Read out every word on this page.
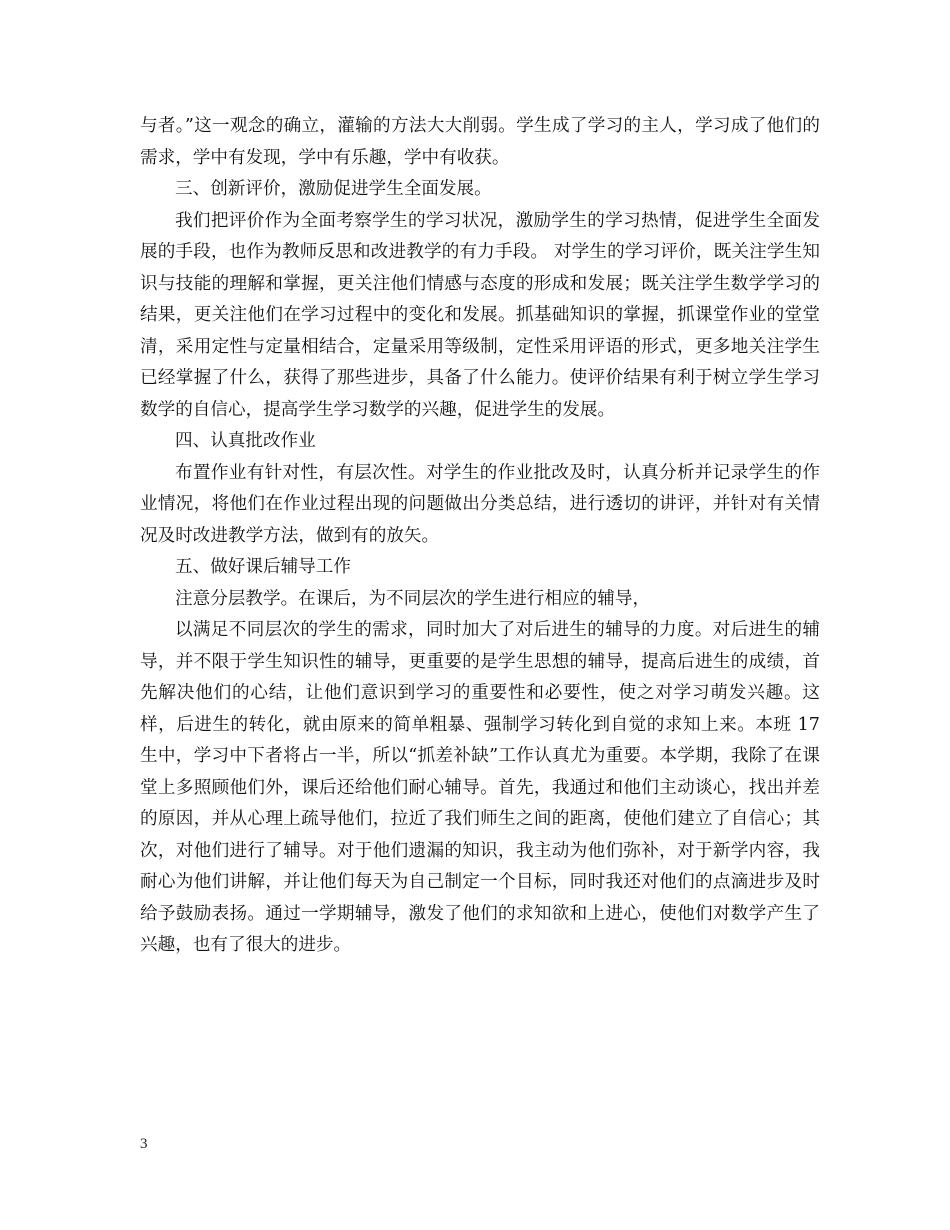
与者。”这一观念的确立，灌输的方法大大削弱。学生成了学习的主人，学习成了他们的需求，学中有发现，学中有乐趣，学中有收获。

三、创新评价，激励促进学生全面发展。

我们把评价作为全面考察学生的学习状况，激励学生的学习热情，促进学生全面发展的手段，也作为教师反思和改进教学的有力手段。 对学生的学习评价，既关注学生知识与技能的理解和掌握，更关注他们情感与态度的形成和发展；既关注学生数学学习的结果，更关注他们在学习过程中的变化和发展。抓基础知识的掌握，抓课堂作业的堂堂清，采用定性与定量相结合，定量采用等级制，定性采用评语的形式，更多地关注学生已经掌握了什么，获得了那些进步，具备了什么能力。使评价结果有利于树立学生学习数学的自信心，提高学生学习数学的兴趣，促进学生的发展。

四、认真批改作业

布置作业有针对性，有层次性。对学生的作业批改及时，认真分析并记录学生的作业情况，将他们在作业过程出现的问题做出分类总结，进行透切的讲评，并针对有关情况及时改进教学方法，做到有的放矢。

五、做好课后辅导工作

注意分层教学。在课后，为不同层次的学生进行相应的辅导，

以满足不同层次的学生的需求，同时加大了对后进生的辅导的力度。对后进生的辅导，并不限于学生知识性的辅导，更重要的是学生思想的辅导，提高后进生的成绩，首先解决他们的心结，让他们意识到学习的重要性和必要性，使之对学习萌发兴趣。这样，后进生的转化，就由原来的简单粗暴、强制学习转化到自觉的求知上来。本班 17 生中，学习中下者将占一半，所以“抓差补缺”工作认真尤为重要。本学期，我除了在课堂上多照顾他们外，课后还给他们耐心辅导。首先，我通过和他们主动谈心，找出并差的原因，并从心理上疏导他们，拉近了我们师生之间的距离，使他们建立了自信心；其次，对他们进行了辅导。对于他们遗漏的知识，我主动为他们弥补，对于新学内容，我耐心为他们讲解，并让他们每天为自己制定一个目标，同时我还对他们的点滴进步及时给予鼓励表扬。通过一学期辅导，激发了他们的求知欲和上进心，使他们对数学产生了兴趣，也有了很大的进步。

3
